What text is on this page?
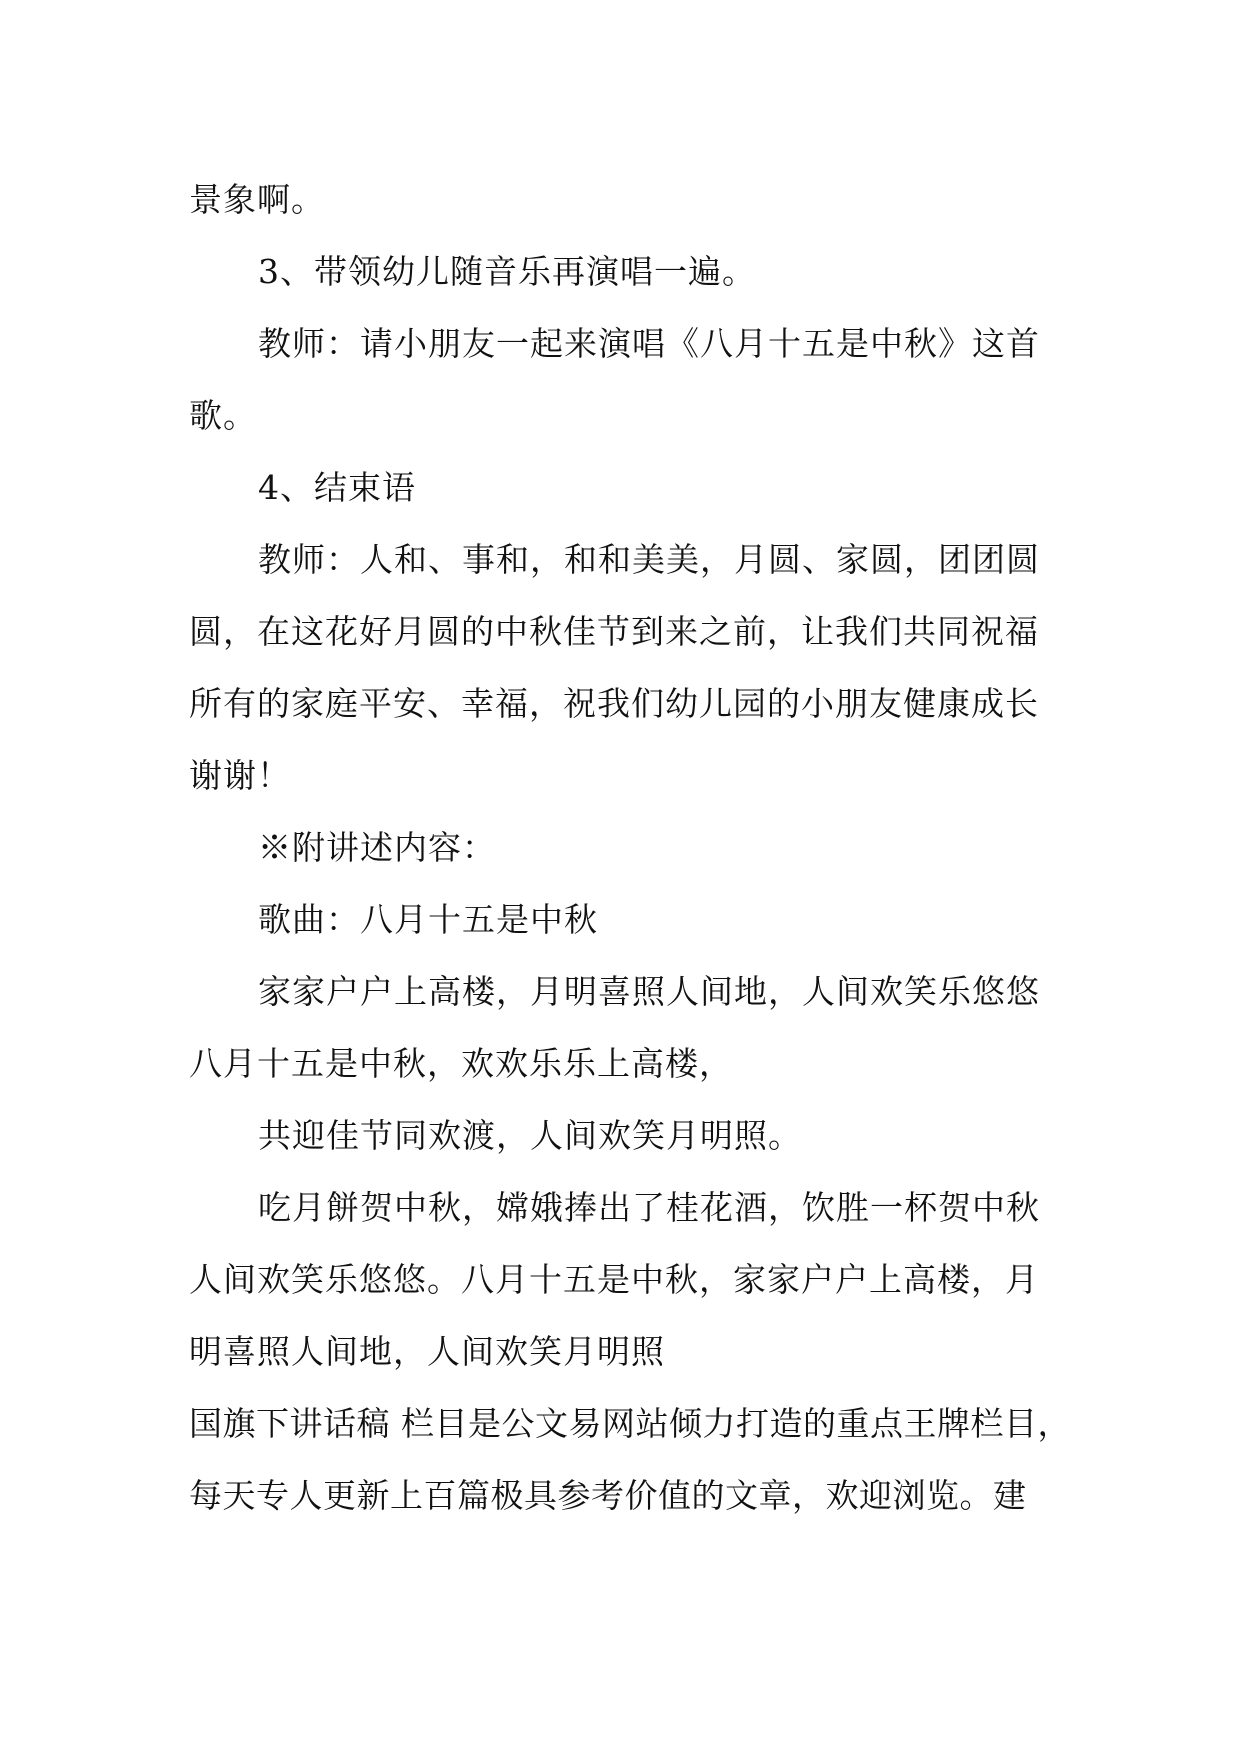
景象啊。
3、带领幼儿随音乐再演唱一遍。
教师：请小朋友一起来演唱《八月十五是中秋》这首
歌。
4、结束语
教师：人和、事和，和和美美，月圆、家圆，团团圆
圆，在这花好月圆的中秋佳节到来之前，让我们共同祝福
所有的家庭平安、幸福，祝我们幼儿园的小朋友健康成长
谢谢！
※附讲述内容：
歌曲：八月十五是中秋
家家户户上高楼，月明喜照人间地，人间欢笑乐悠悠
八月十五是中秋，欢欢乐乐上高楼，
共迎佳节同欢渡，人间欢笑月明照。
吃月餅贺中秋，嫦娥捧出了桂花酒，饮胜一杯贺中秋
人间欢笑乐悠悠。八月十五是中秋，家家户户上高楼，月
明喜照人间地，人间欢笑月明照
国旗下讲话稿 栏目是公文易网站倾力打造的重点王牌栏目，
每天专人更新上百篇极具参考价值的文章，欢迎浏览。建
